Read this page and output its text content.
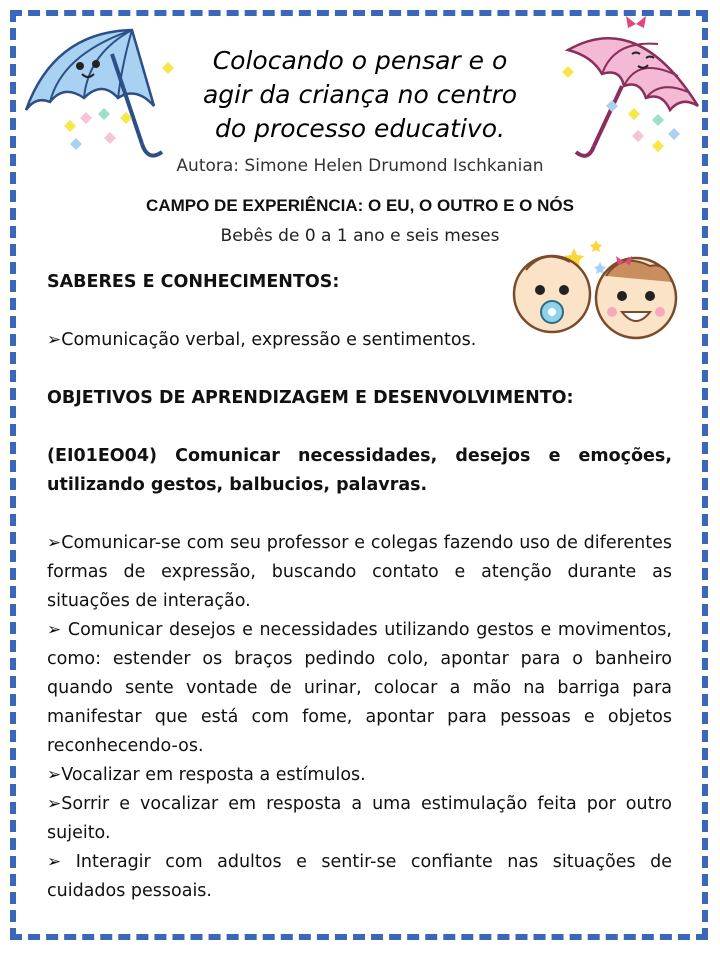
Colocando o pensar e o
agir da criança no centro
do processo educativo.
Autora: Simone Helen Drumond Ischkanian
CAMPO DE EXPERIÊNCIA: O EU, O OUTRO E O NÓS
Bebês de 0 a 1 ano e seis meses

SABERES E CONHECIMENTOS:

➢Comunicação verbal, expressão e sentimentos.

OBJETIVOS DE APRENDIZAGEM E DESENVOLVIMENTO:

(EI01EO04) Comunicar necessidades, desejos e emoções, utilizando gestos, balbucios, palavras.

➢Comunicar-se com seu professor e colegas fazendo uso de diferentes formas de expressão, buscando contato e atenção durante as situações de interação.

➢ Comunicar desejos e necessidades utilizando gestos e movimentos, como: estender os braços pedindo colo, apontar para o banheiro quando sente vontade de urinar, colocar a mão na barriga para manifestar que está com fome, apontar para pessoas e objetos reconhecendo-os.

➢Vocalizar em resposta a estímulos.

➢Sorrir e vocalizar em resposta a uma estimulação feita por outro sujeito.

➢ Interagir com adultos e sentir-se confiante nas situações de cuidados pessoais.
